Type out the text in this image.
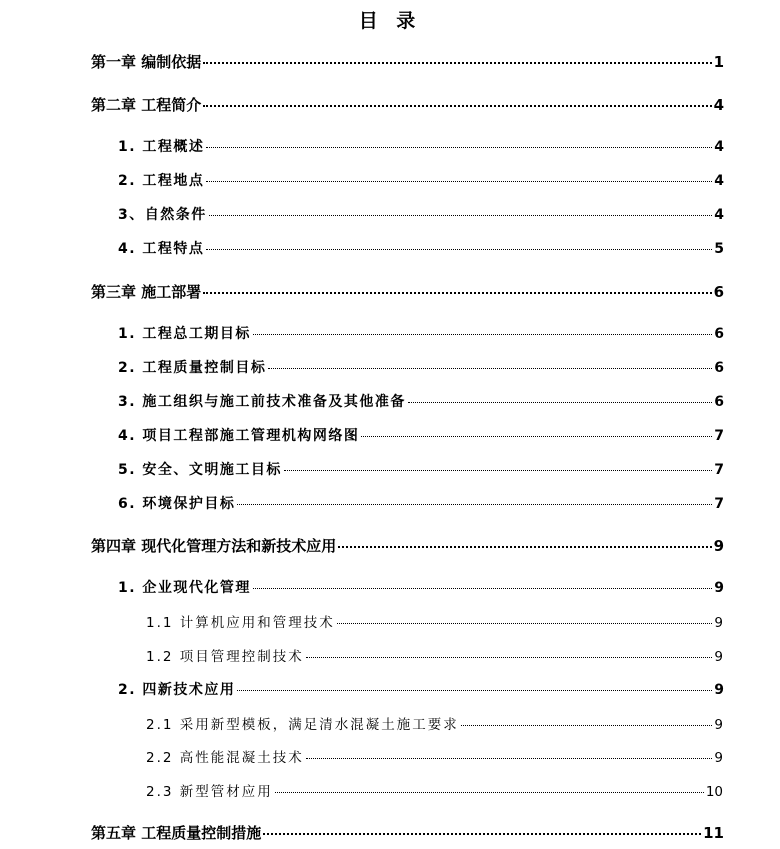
目 录
第一章 编制依据	1
第二章 工程简介	4
1. 工程概述	4
2. 工程地点	4
3、自然条件	4
4. 工程特点	5
第三章 施工部署	6
1. 工程总工期目标	6
2. 工程质量控制目标	6
3. 施工组织与施工前技术准备及其他准备	6
4. 项目工程部施工管理机构网络图	7
5. 安全、文明施工目标	7
6. 环境保护目标	7
第四章 现代化管理方法和新技术应用	9
1. 企业现代化管理	9
1.1 计算机应用和管理技术	9
1.2 项目管理控制技术	9
2. 四新技术应用	9
2.1 采用新型模板，满足清水混凝土施工要求	9
2.2 高性能混凝土技术	9
2.3 新型管材应用	10
第五章 工程质量控制措施	11
